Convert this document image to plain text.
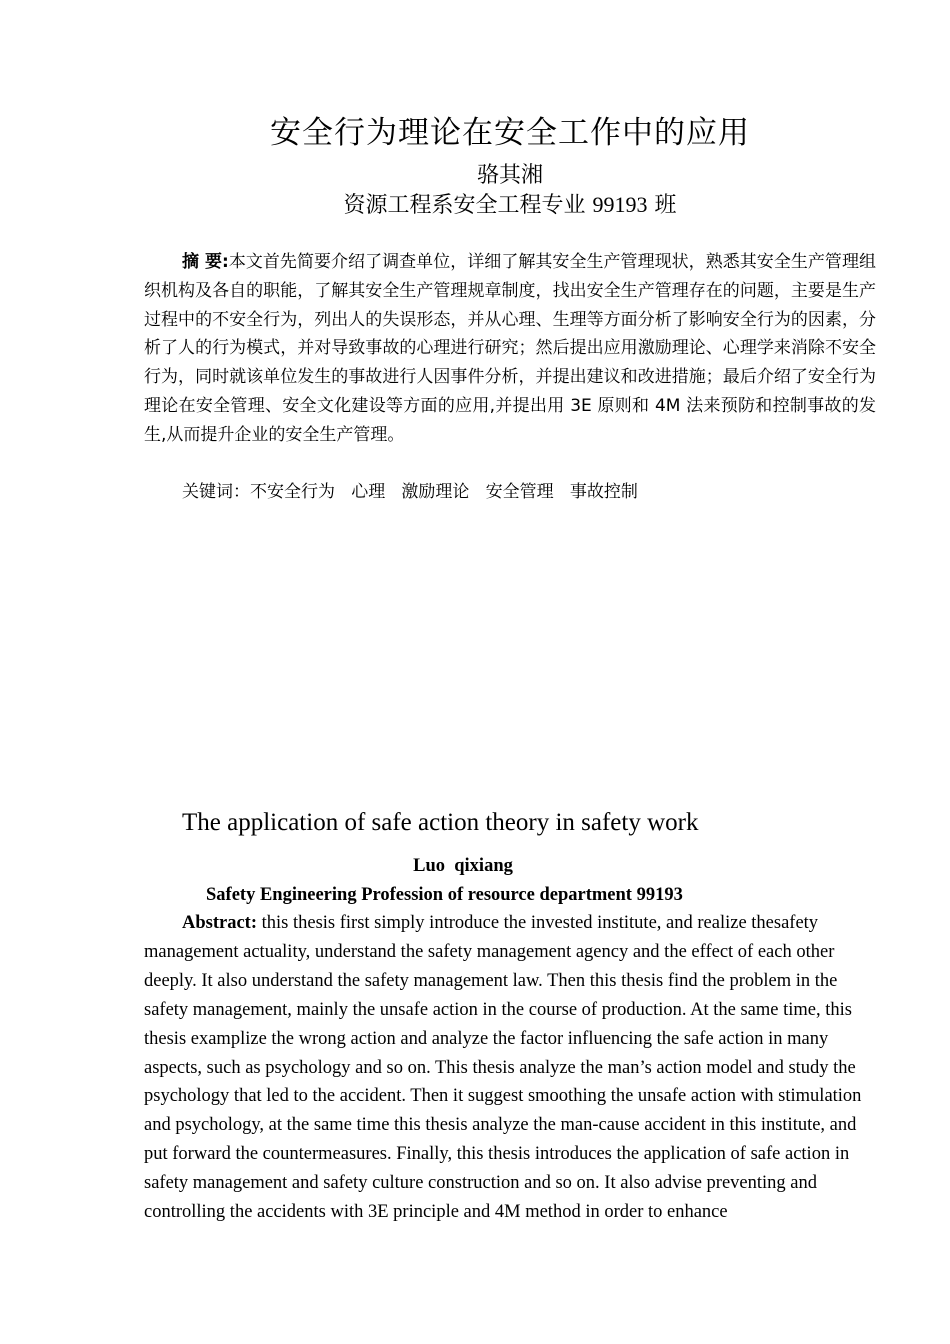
安全行为理论在安全工作中的应用
骆其湘
资源工程系安全工程专业 99193 班

摘 要:本文首先简要介绍了调查单位，详细了解其安全生产管理现状，熟悉其安全生产管理组织机构及各自的职能，了解其安全生产管理规章制度，找出安全生产管理存在的问题，主要是生产过程中的不安全行为，列出人的失误形态，并从心理、生理等方面分析了影响安全行为的因素，分析了人的行为模式，并对导致事故的心理进行研究；然后提出应用激励理论、心理学来消除不安全行为，同时就该单位发生的事故进行人因事件分析，并提出建议和改进措施；最后介绍了安全行为理论在安全管理、安全文化建设等方面的应用,并提出用 3E 原则和 4M 法来预防和控制事故的发生,从而提升企业的安全生产管理。

关键词：不安全行为   心理   激励理论   安全管理   事故控制
The application of safe action theory in safety work
Luo  qixiang
Safety Engineering Profession of resource department 99193

Abstract: this thesis first simply introduce the invested institute, and realize thesafety management actuality, understand the safety management agency and the effect of each other deeply. It also understand the safety management law. Then this thesis find the problem in the safety management, mainly the unsafe action in the course of production. At the same time, this thesis examplize the wrong action and analyze the factor influencing the safe action in many aspects, such as psychology and so on. This thesis analyze the man’s action model and study the psychology that led to the accident. Then it suggest smoothing the unsafe action with stimulation and psychology, at the same time this thesis analyze the man-cause accident in this institute, and put forward the countermeasures. Finally, this thesis introduces the application of safe action in safety management and safety culture construction and so on. It also advise preventing and controlling the accidents with 3E principle and 4M method in order to enhance
